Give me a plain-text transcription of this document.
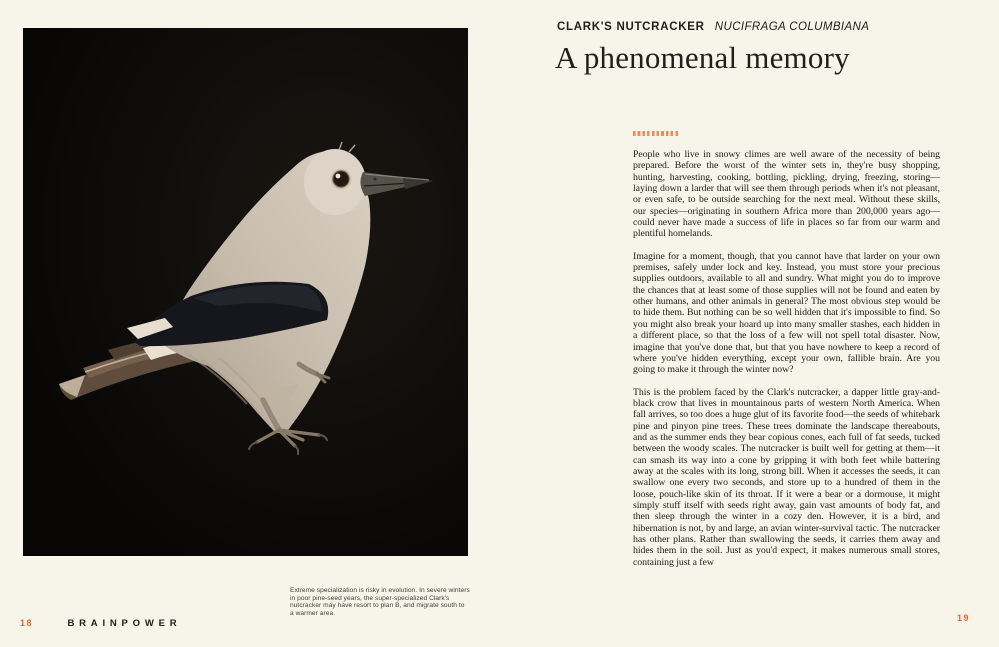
Extreme specialization is risky in evolution. In severe winters in poor pine-seed years, the super-specialized Clark's nutcracker may have resort to plan B, and migrate south to a warmer area.

18	BRAINPOWER
CLARK'S NUTCRACKER NUCIFRAGA COLUMBIANA
A phenomenal memory

People who live in snowy climes are well aware of the necessity of being prepared. Before the worst of the winter sets in, they're busy shopping, hunting, harvesting, cooking, bottling, pickling, drying, freezing, storing—laying down a larder that will see them through periods when it's not pleasant, or even safe, to be outside searching for the next meal. Without these skills, our species—originating in southern Africa more than 200,000 years ago—could never have made a success of life in places so far from our warm and plentiful homelands.

Imagine for a moment, though, that you cannot have that larder on your own premises, safely under lock and key. Instead, you must store your precious supplies outdoors, available to all and sundry. What might you do to improve the chances that at least some of those supplies will not be found and eaten by other humans, and other animals in general? The most obvious step would be to hide them. But nothing can be so well hidden that it's impossible to find. So you might also break your hoard up into many smaller stashes, each hidden in a different place, so that the loss of a few will not spell total disaster. Now, imagine that you've done that, but that you have nowhere to keep a record of where you've hidden everything, except your own, fallible brain. Are you going to make it through the winter now?

This is the problem faced by the Clark's nutcracker, a dapper little gray-and-black crow that lives in mountainous parts of western North America. When fall arrives, so too does a huge glut of its favorite food—the seeds of whitebark pine and pinyon pine trees. These trees dominate the landscape thereabouts, and as the summer ends they bear copious cones, each full of fat seeds, tucked between the woody scales. The nutcracker is built well for getting at them—it can smash its way into a cone by gripping it with both feet while battering away at the scales with its long, strong bill. When it accesses the seeds, it can swallow one every two seconds, and store up to a hundred of them in the loose, pouch-like skin of its throat. If it were a bear or a dormouse, it might simply stuff itself with seeds right away, gain vast amounts of body fat, and then sleep through the winter in a cozy den. However, it is a bird, and hibernation is not, by and large, an avian winter-survival tactic. The nutcracker has other plans. Rather than swallowing the seeds, it carries them away and hides them in the soil. Just as you'd expect, it makes numerous small stores, containing just a few

19
